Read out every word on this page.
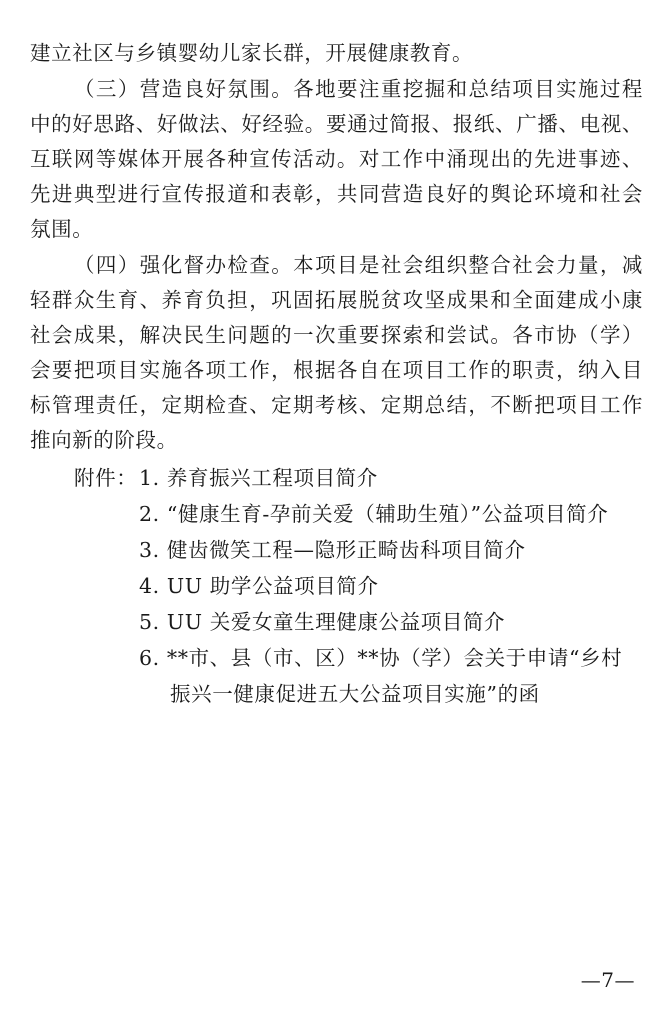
建立社区与乡镇婴幼儿家长群，开展健康教育。
（三）营造良好氛围。各地要注重挖掘和总结项目实施过程
中的好思路、好做法、好经验。要通过简报、报纸、广播、电视、
互联网等媒体开展各种宣传活动。对工作中涌现出的先进事迹、
先进典型进行宣传报道和表彰，共同营造良好的舆论环境和社会
氛围。
（四）强化督办检查。本项目是社会组织整合社会力量，减
轻群众生育、养育负担，巩固拓展脱贫攻坚成果和全面建成小康
社会成果，解决民生问题的一次重要探索和尝试。各市协（学）
会要把项目实施各项工作，根据各自在项目工作的职责，纳入目
标管理责任，定期检查、定期考核、定期总结，不断把项目工作
推向新的阶段。
附件： 1. 养育振兴工程项目简介
2. “健康生育-孕前关爱（辅助生殖）”公益项目简介
3. 健齿微笑工程—隐形正畸齿科项目简介
4. UU 助学公益项目简介
5. UU 关爱女童生理健康公益项目简介
6. **市、县（市、区）**协（学）会关于申请“乡村
振兴一健康促进五大公益项目实施”的函
—7—
